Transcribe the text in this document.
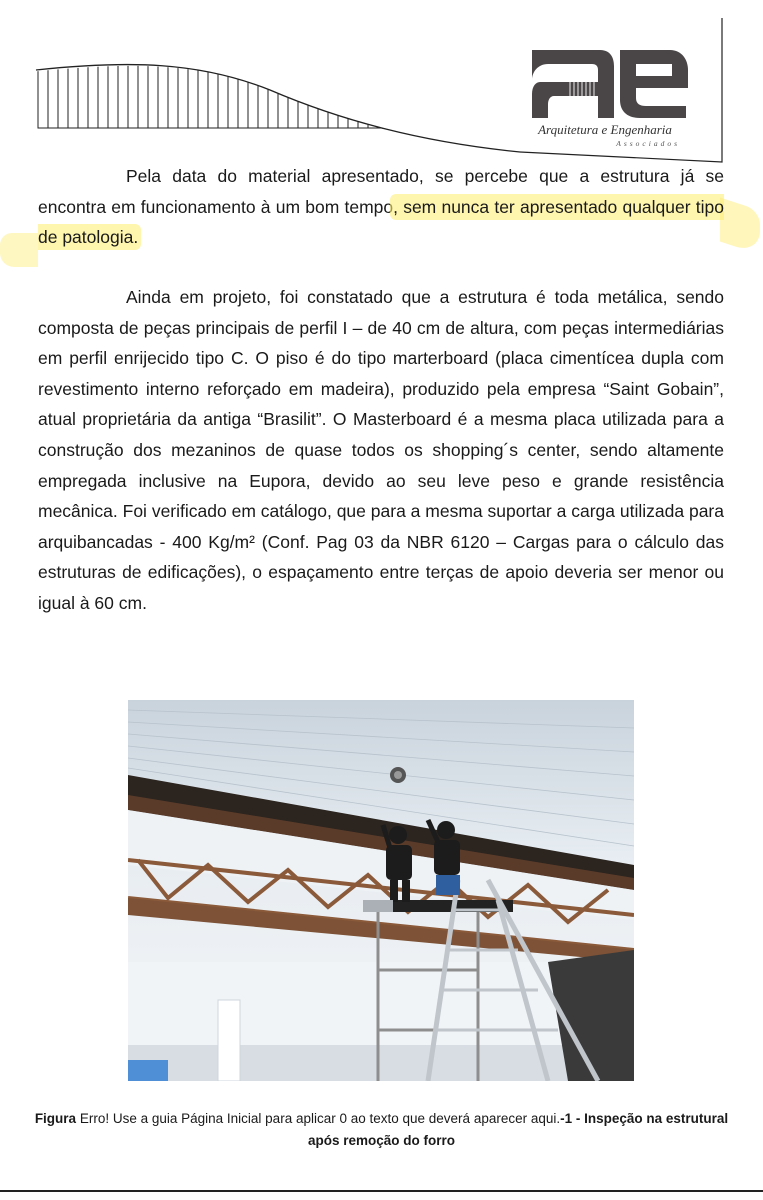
Arquitetura e Engenharia
Associados

Pela data do material apresentado, se percebe que a estrutura já se encontra em funcionamento à um bom tempo, sem nunca ter apresentado qualquer tipo de patologia.

Ainda em projeto, foi constatado que a estrutura é toda metálica, sendo composta de peças principais de perfil I – de 40 cm de altura, com peças intermediárias em perfil enrijecido tipo C. O piso é do tipo marterboard (placa cimentícea dupla com revestimento interno reforçado em madeira), produzido pela empresa “Saint Gobain”, atual proprietária da antiga “Brasilit”. O Masterboard é a mesma placa utilizada para a construção dos mezaninos de quase todos os shopping´s center, sendo altamente empregada inclusive na Eupora, devido ao seu leve peso e grande resistência mecânica. Foi verificado em catálogo, que para a mesma suportar a carga utilizada para arquibancadas - 400 Kg/m² (Conf. Pag 03 da NBR 6120 – Cargas para o cálculo das estruturas de edificações), o espaçamento entre terças de apoio deveria ser menor ou igual à 60 cm.

Figura Erro! Use a guia Página Inicial para aplicar 0 ao texto que deverá aparecer aqui.-1 - Inspeção na estrutural após remoção do forro
